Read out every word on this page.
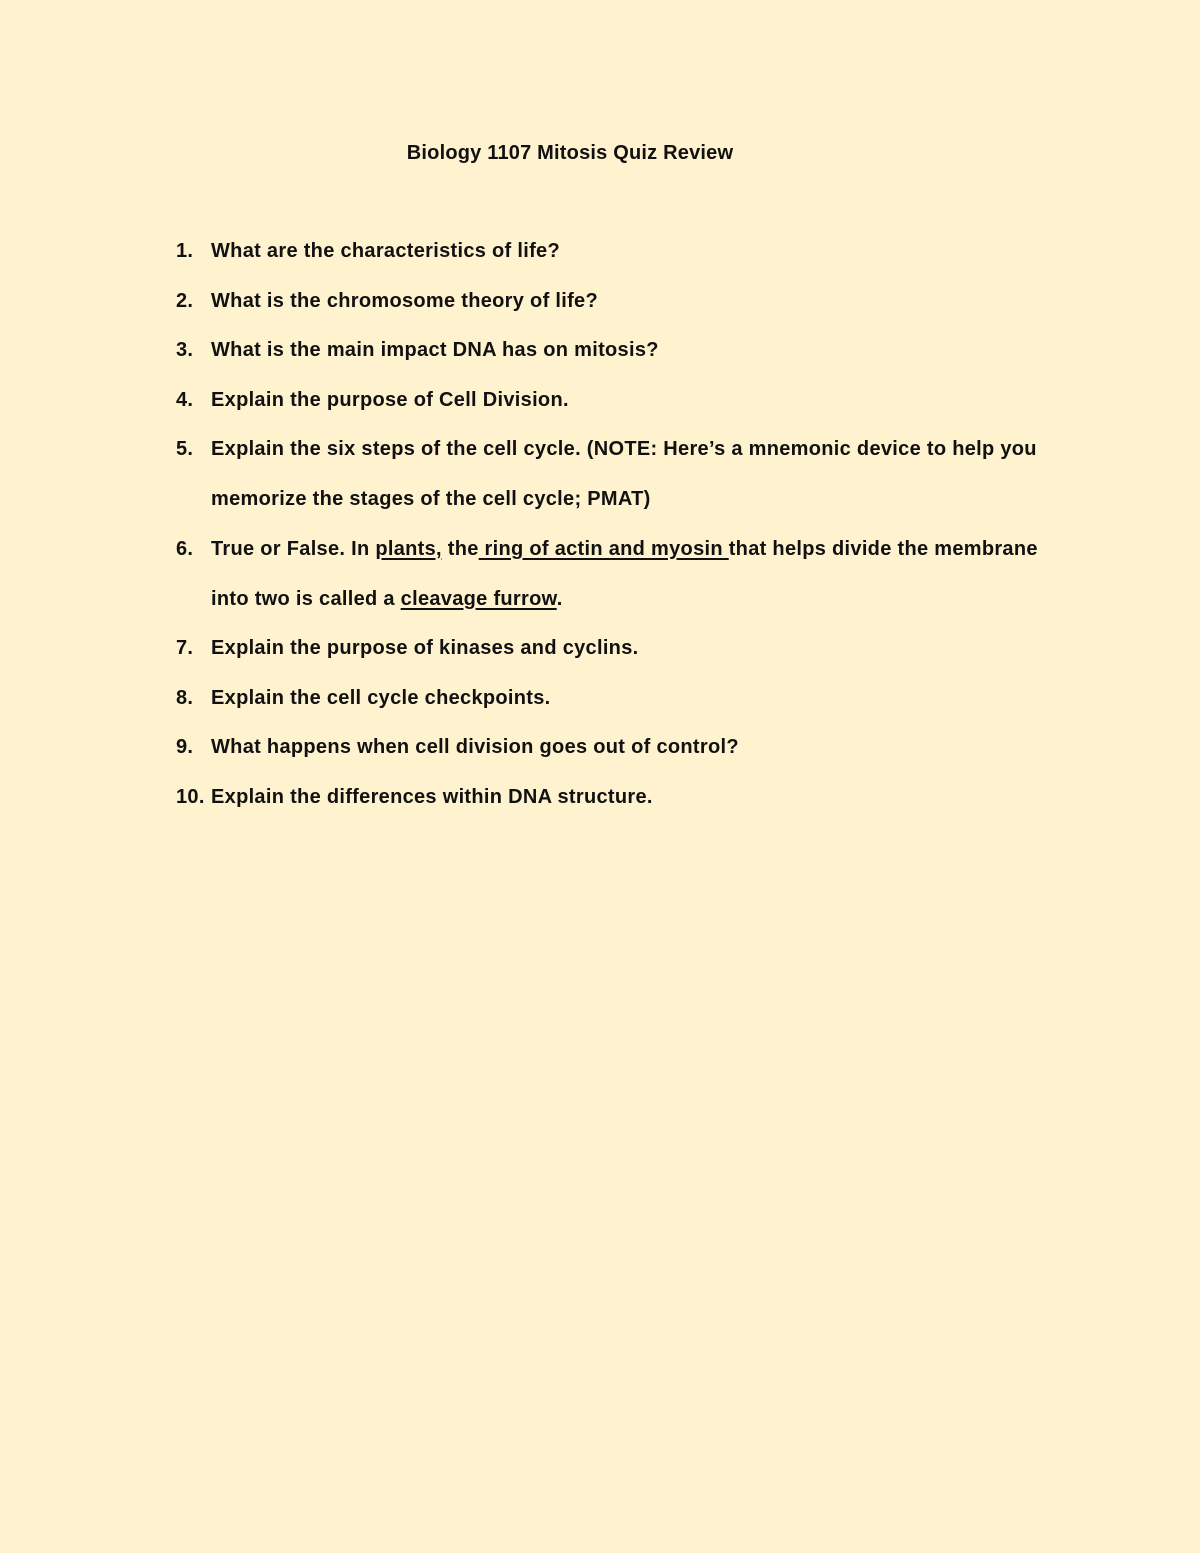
Biology 1107 Mitosis Quiz Review
1. What are the characteristics of life?
2. What is the chromosome theory of life?
3. What is the main impact DNA has on mitosis?
4. Explain the purpose of Cell Division.
5. Explain the six steps of the cell cycle. (NOTE: Here’s a mnemonic device to help you memorize the stages of the cell cycle; PMAT)
6. True or False. In plants, the ring of actin and myosin that helps divide the membrane into two is called a cleavage furrow.
7. Explain the purpose of kinases and cyclins.
8. Explain the cell cycle checkpoints.
9. What happens when cell division goes out of control?
10. Explain the differences within DNA structure.
